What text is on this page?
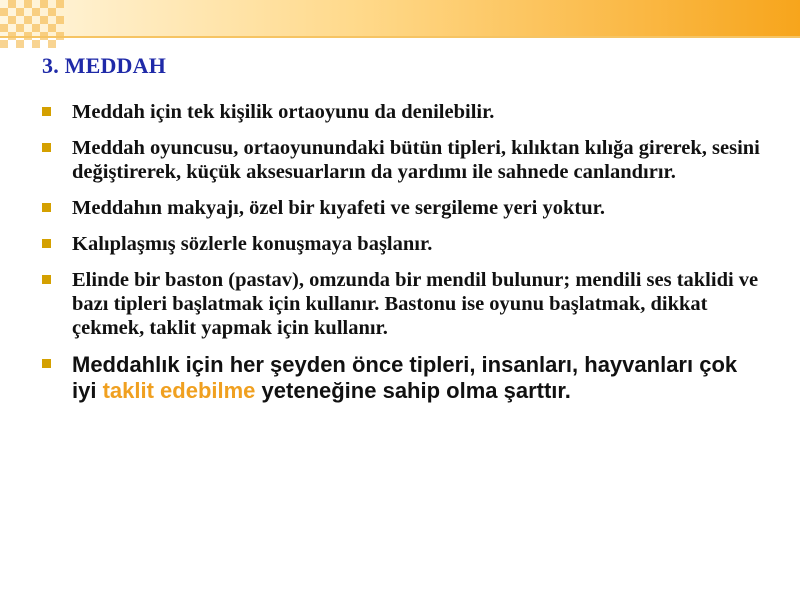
3. MEDDAH
Meddah için tek kişilik ortaoyunu da denilebilir.
Meddah oyuncusu, ortaoyunundaki bütün tipleri, kılıktan kılığa girerek, sesini değiştirerek, küçük aksesuarların da yardımı ile sahnede canlandırır.
Meddahın makyajı, özel bir kıyafeti ve sergileme yeri yoktur.
Kalıplaşmış sözlerle konuşmaya başlanır.
Elinde bir baston (pastav), omzunda bir mendil bulunur; mendili ses taklidi ve bazı tipleri başlatmak için kullanır. Bastonu ise oyunu başlatmak, dikkat çekmek, taklit yapmak için kullanır.
Meddahlık için her şeyden önce tipleri, insanları, hayvanları çok iyi taklit edebilme yeteneğine sahip olma şarttır.
